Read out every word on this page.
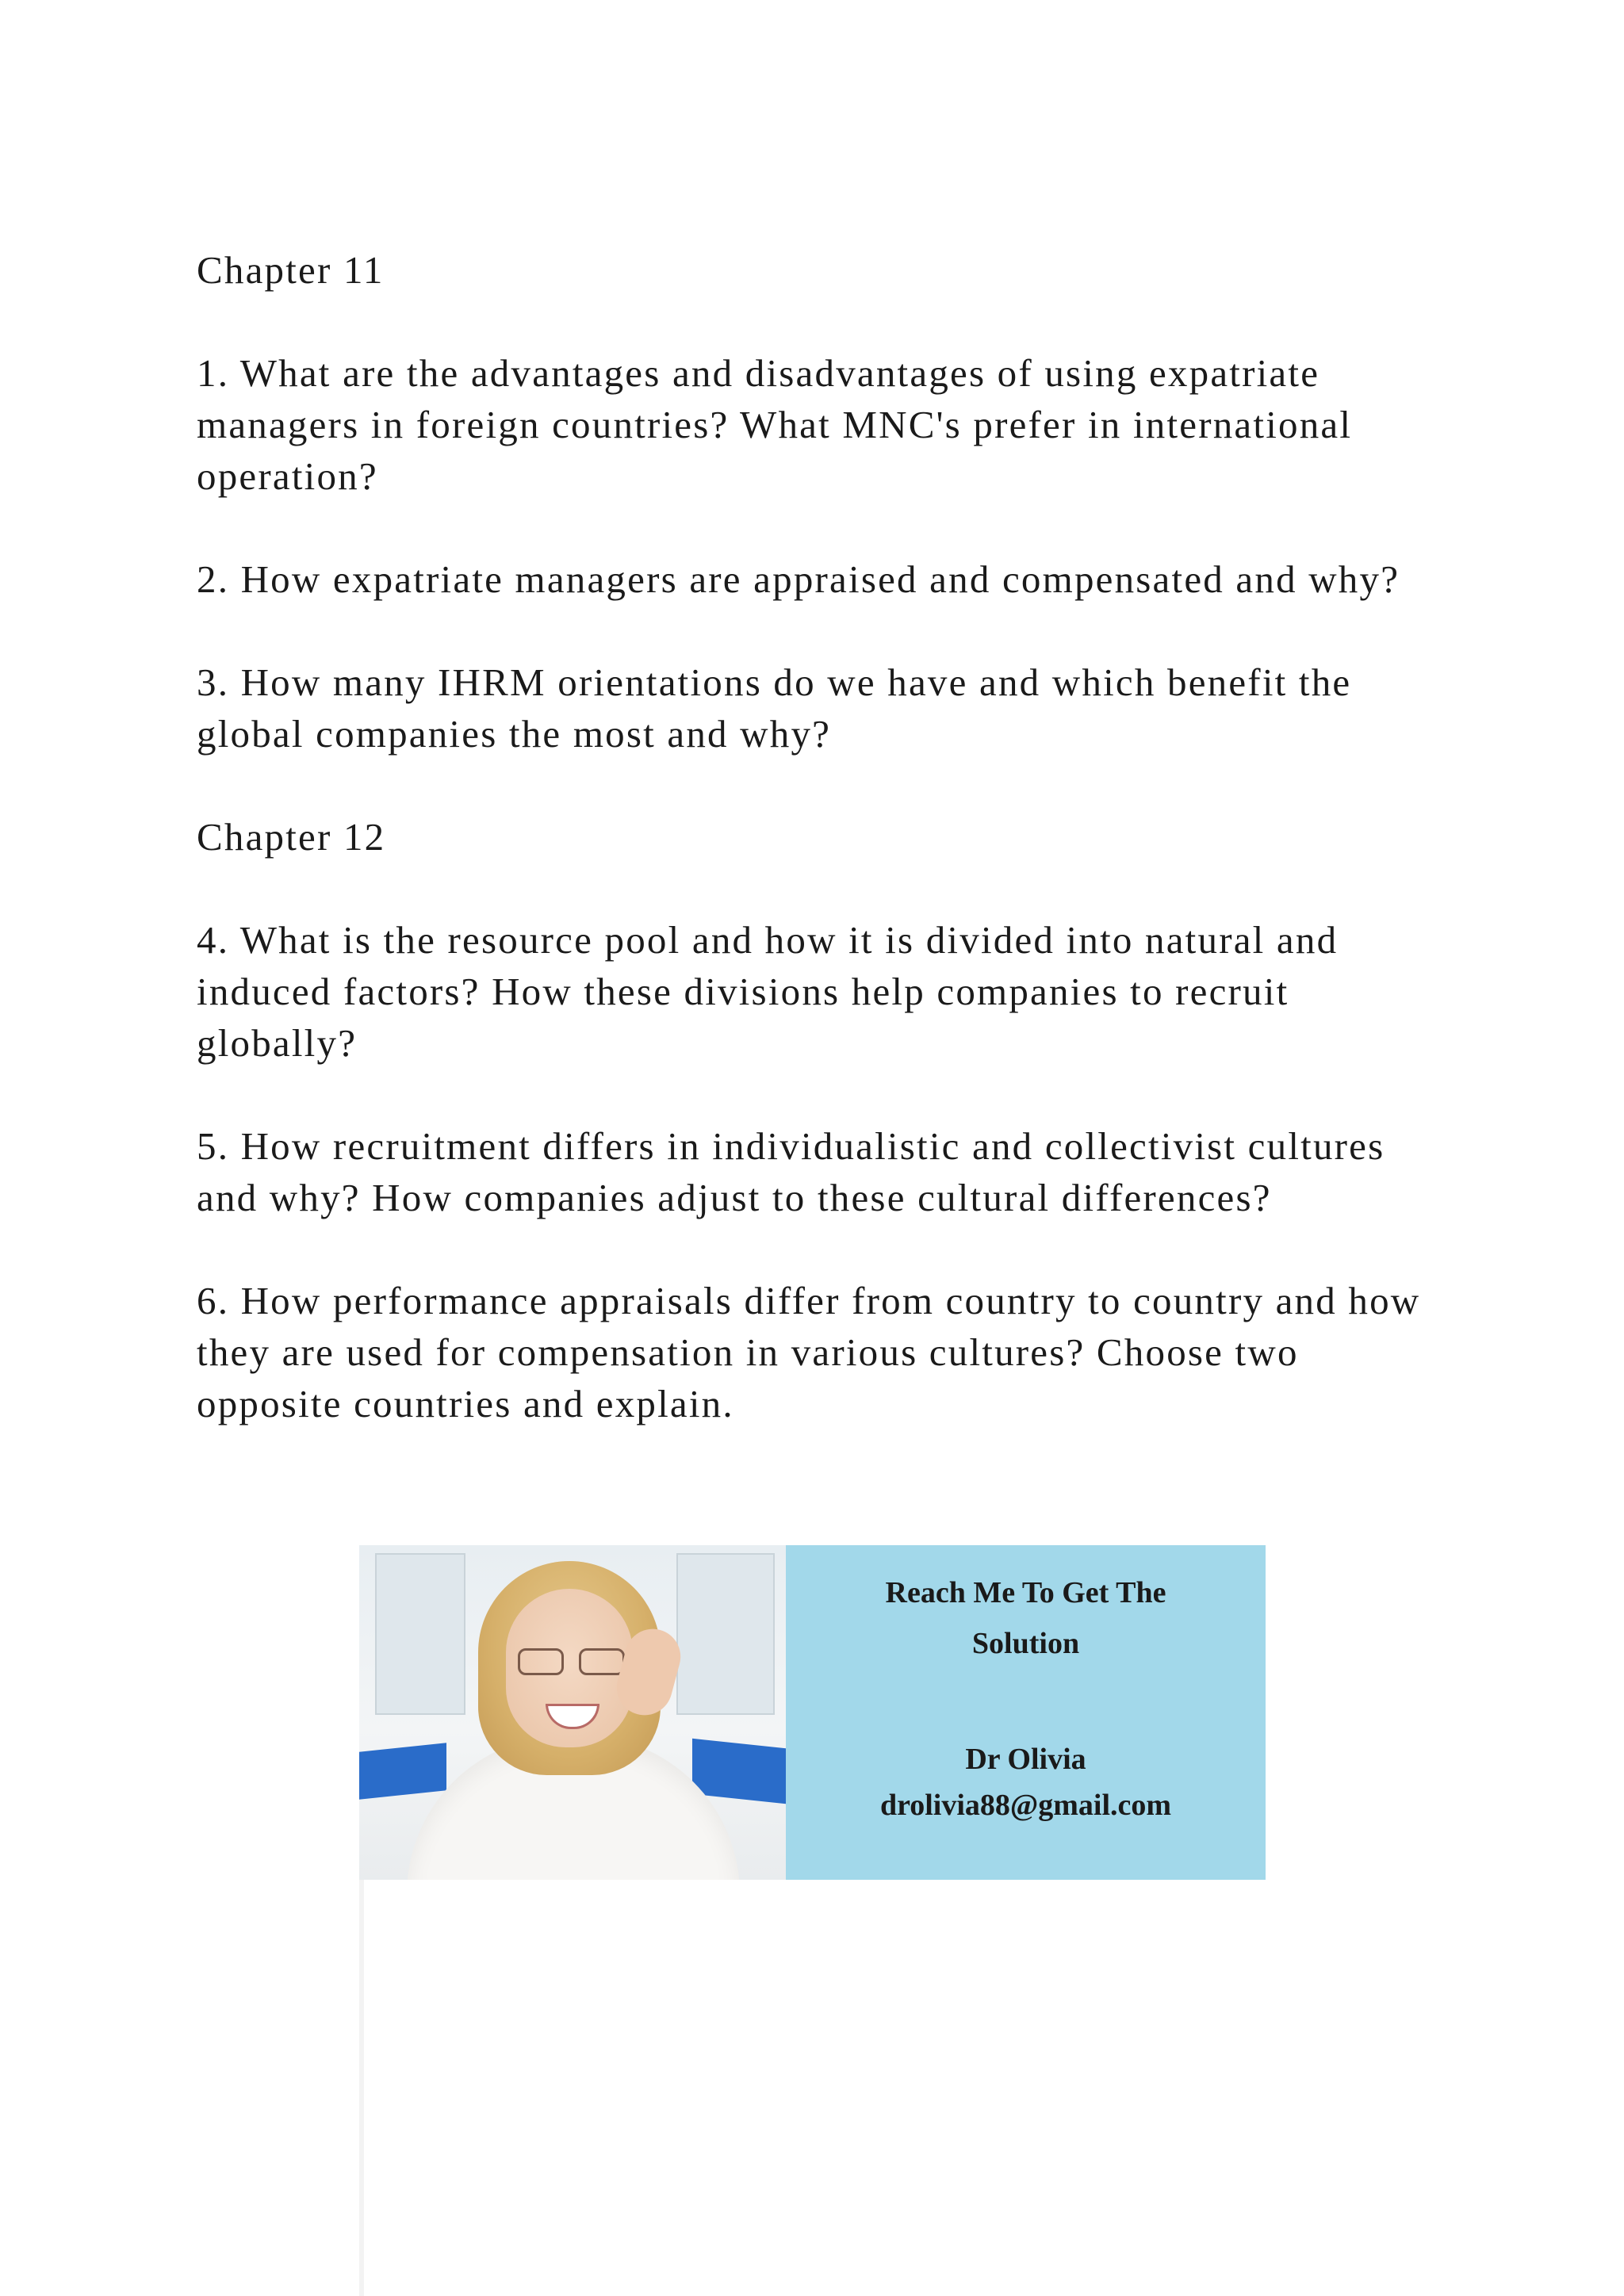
Chapter 11

1. What are the advantages and disadvantages of using expatriate managers in foreign countries? What MNC's prefer in international operation?

2. How expatriate managers are appraised and compensated and why?

3. How many IHRM orientations do we have and which benefit the global companies the most and why?

Chapter 12

4. What is the resource pool and how it is divided into natural and induced factors? How these divisions help companies to recruit globally?

5. How recruitment differs in individualistic and collectivist cultures and why? How companies adjust to these cultural differences?

6. How performance appraisals differ from country to country and how they are used for compensation in various cultures? Choose two opposite countries and explain.

Reach Me To Get The
Solution
Dr Olivia
drolivia88@gmail.com
